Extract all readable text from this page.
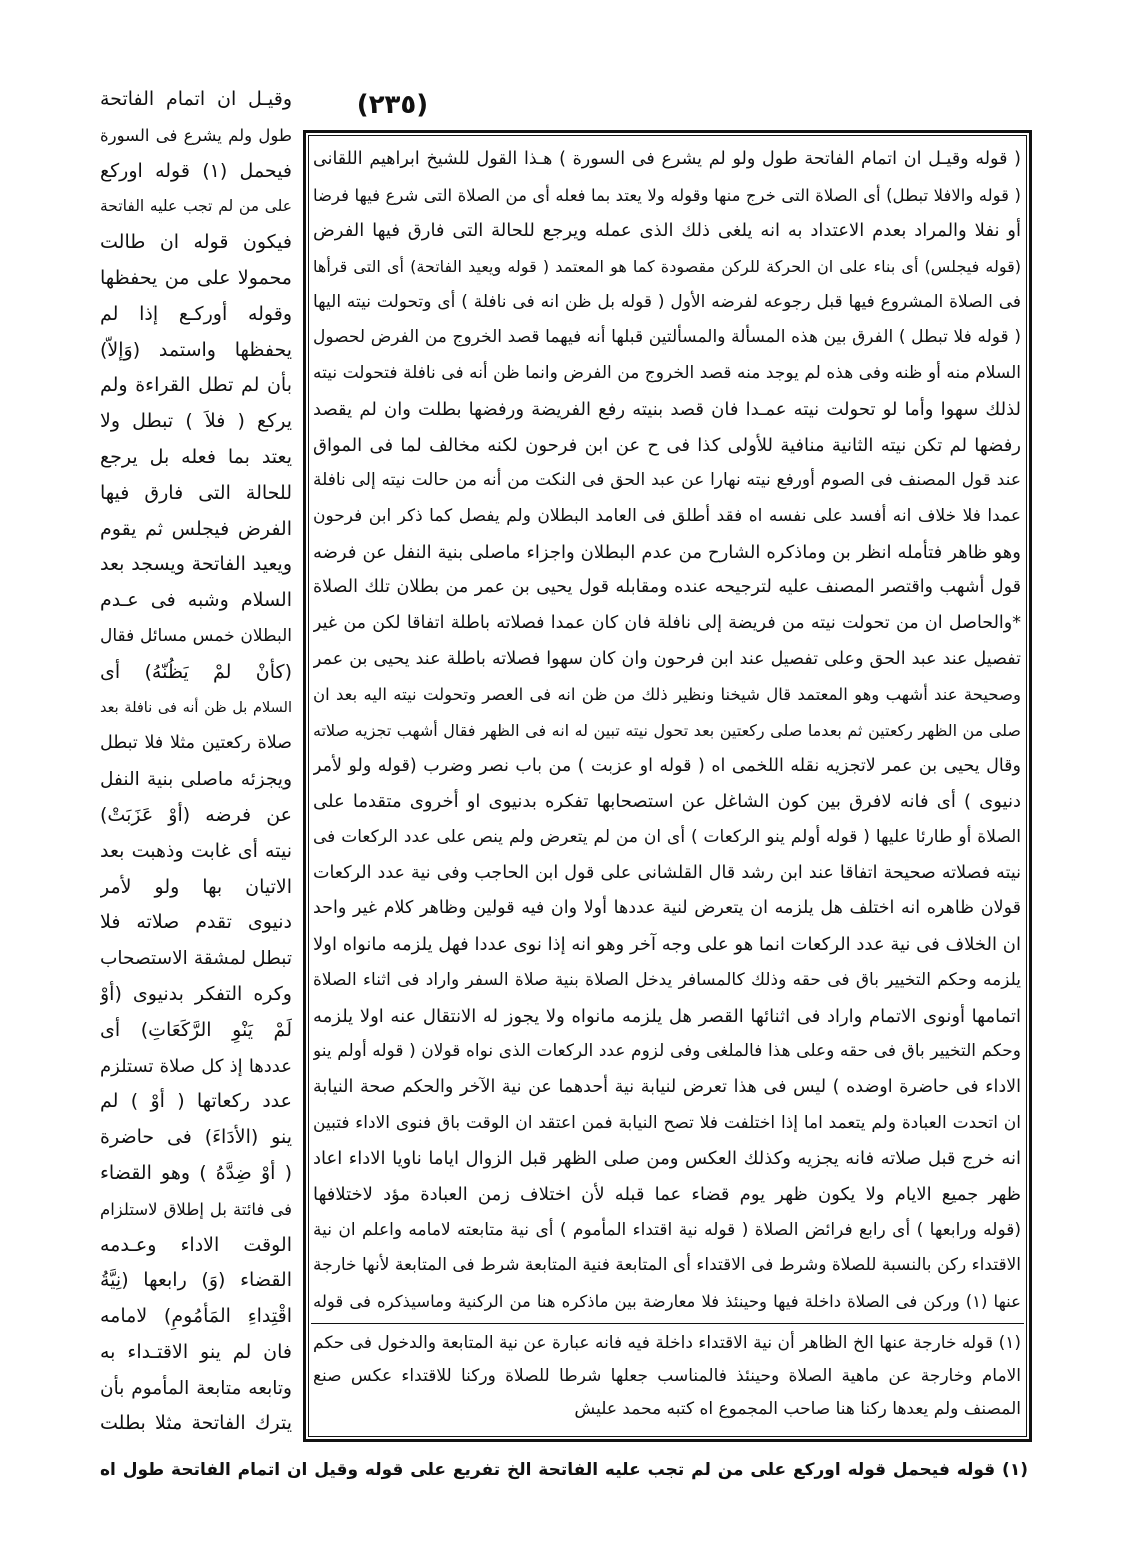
(٢٣٥)
( قوله وقيـل ان اتمام الفاتحة طول ولو لم يشرع فى السورة ) هـذا القول للشيخ ابراهيم اللقانى
( قوله والافلا تبطل) أى الصلاة التى خرج منها وقوله ولا يعتد بما فعله أى من الصلاة التى شرع فيها فرضا
أو نفلا والمراد بعدم الاعتداد به انه يلغى ذلك الذى عمله ويرجع للحالة التى فارق فيها الفرض
(قوله فيجلس) أى بناء على ان الحركة للركن مقصودة كما هو المعتمد ( قوله ويعيد الفاتحة) أى التى قرأها
فى الصلاة المشروع فيها قبل رجوعه لفرضه الأول ( قوله بل ظن انه فى نافلة ) أى وتحولت نيته اليها
( قوله فلا تبطل ) الفرق بين هذه المسألة والمسألتين قبلها أنه فيهما قصد الخروج من الفرض لحصول
السلام منه أو ظنه وفى هذه لم يوجد منه قصد الخروج من الفرض وانما ظن أنه فى نافلة فتحولت نيته
لذلك سهوا وأما لو تحولت نيته عمـدا فان قصد بنيته رفع الفريضة ورفضها بطلت وان لم يقصد
رفضها لم تكن نيته الثانية منافية للأولى كذا فى ح عن ابن فرحون لكنه مخالف لما فى المواق
عند قول المصنف فى الصوم أورفع نيته نهارا عن عبد الحق فى النكت من أنه من حالت نيته إلى نافلة
عمدا فلا خلاف انه أفسد على نفسه اه فقد أطلق فى العامد البطلان ولم يفصل كما ذكر ابن فرحون
وهو ظاهر فتأمله انظر بن وماذكره الشارح من عدم البطلان واجزاء ماصلى بنية النفل عن فرضه
قول أشهب واقتصر المصنف عليه لترجيحه عنده ومقابله قول يحيى بن عمر من بطلان تلك الصلاة
*والحاصل ان من تحولت نيته من فريضة إلى نافلة فان كان عمدا فصلاته باطلة اتفاقا لكن من غير
تفصيل عند عبد الحق وعلى تفصيل عند ابن فرحون وان كان سهوا فصلاته باطلة عند يحيى بن عمر
وصحيحة عند أشهب وهو المعتمد قال شيخنا ونظير ذلك من ظن انه فى العصر وتحولت نيته اليه بعد ان
صلى من الظهر ركعتين ثم بعدما صلى ركعتين بعد تحول نيته تبين له انه فى الظهر فقال أشهب تجزيه صلاته
وقال يحيى بن عمر لاتجزيه نقله اللخمى اه ( قوله او عزبت ) من باب نصر وضرب (قوله ولو لأمر
دنيوى ) أى فانه لافرق بين كون الشاغل عن استصحابها تفكره بدنيوى او أخروى متقدما على
الصلاة أو طارئا عليها ( قوله أولم ينو الركعات ) أى ان من لم يتعرض ولم ينص على عدد الركعات فى
نيته فصلاته صحيحة اتفاقا عند ابن رشد قال القلشانى على قول ابن الحاجب وفى نية عدد الركعات
قولان ظاهره انه اختلف هل يلزمه ان يتعرض لنية عددها أولا وان فيه قولين وظاهر كلام غير واحد
ان الخلاف فى نية عدد الركعات انما هو على وجه آخر وهو انه إذا نوى عددا فهل يلزمه مانواه اولا
يلزمه وحكم التخيير باق فى حقه وذلك كالمسافر يدخل الصلاة بنية صلاة السفر واراد فى اثناء الصلاة
اتمامها أونوى الاتمام واراد فى اثنائها القصر هل يلزمه مانواه ولا يجوز له الانتقال عنه اولا يلزمه
وحكم التخيير باق فى حقه وعلى هذا فالملغى وفى لزوم عدد الركعات الذى نواه قولان ( قوله أولم ينو
الاداء فى حاضرة اوضده ) ليس فى هذا تعرض لنيابة نية أحدهما عن نية الآخر والحكم صحة النيابة
ان اتحدت العبادة ولم يتعمد اما إذا اختلفت فلا تصح النيابة فمن اعتقد ان الوقت باق فنوى الاداء فتبين
انه خرج قبل صلاته فانه يجزيه وكذلك العكس ومن صلى الظهر قبل الزوال اياما ناويا الاداء اعاد
ظهر جميع الايام ولا يكون ظهر يوم قضاء عما قبله لأن اختلاف زمن العبادة مؤد لاختلافها
(قوله ورابعها ) أى رابع فرائض الصلاة ( قوله نية اقتداء المأموم ) أى نية متابعته لامامه واعلم ان نية
الاقتداء ركن بالنسبة للصلاة وشرط فى الاقتداء أى المتابعة فنية المتابعة شرط فى المتابعة لأنها خارجة
عنها (١) وركن فى الصلاة داخلة فيها وحينئذ فلا معارضة بين ماذكره هنا من الركنية وماسيذكره فى قوله
(١) قوله خارجة عنها الخ الظاهر أن نية الاقتداء داخلة فيه فانه عبارة عن نية المتابعة والدخول فى حكم
الامام وخارجة عن ماهية الصلاة وحينئذ فالمناسب جعلها شرطا للصلاة وركنا للاقتداء عكس صنع
المصنف ولم يعدها ركنا هنا صاحب المجموع اه كتبه محمد عليش
وقيـل ان اتمام الفاتحة
طول ولم يشرع فى السورة
فيحمل (١) قوله اوركع
على من لم تجب عليه الفاتحة
فيكون قوله ان طالت
محمولا على من يحفظها
وقوله أوركـع إذا لم
يحفظها واستمد (وَإلاّ)
بأن لم تطل القراءة ولم
يركع ( فلاَ ) تبطل ولا
يعتد بما فعله بل يرجع
للحالة التى فارق فيها
الفرض فيجلس ثم يقوم
ويعيد الفاتحة ويسجد بعد
السلام وشبه فى عـدم
البطلان خمس مسائل فقال
(كأنْ لمْ يَظُنّهُ) أى
السلام بل ظن أنه فى نافلة بعد
صلاة ركعتين مثلا فلا تبطل
ويجزئه ماصلى بنية النفل
عن فرضه (أوْ عَزَبَتْ)
نيته أى غابت وذهبت بعد
الاتيان بها ولو لأمر
دنيوى تقدم صلاته فلا
تبطل لمشقة الاستصحاب
وكره التفكر بدنيوى (أوْ
لَمْ يَنْوِ الرَّكَعَاتِ) أى
عددها إذ كل صلاة تستلزم
عدد ركعاتها ( أوْ ) لم
ينو (الأدَاءَ) فى حاضرة
( أوْ ضِدَّهُ ) وهو القضاء
فى فائتة بل إطلاق لاستلزام
الوقت الاداء وعـدمه
القضاء (وَ) رابعها (نِيَّةُ
اقْتِداءِ المَأمُومِ) لامامه
فان لم ينو الاقتـداء به
وتابعه متابعة المأموم بأن
يترك الفاتحة مثلا بطلت
(١) قوله فيحمل قوله اوركع على من لم تجب عليه الفاتحة الخ تفريع على قوله وقيل ان اتمام الفاتحة طول اه
